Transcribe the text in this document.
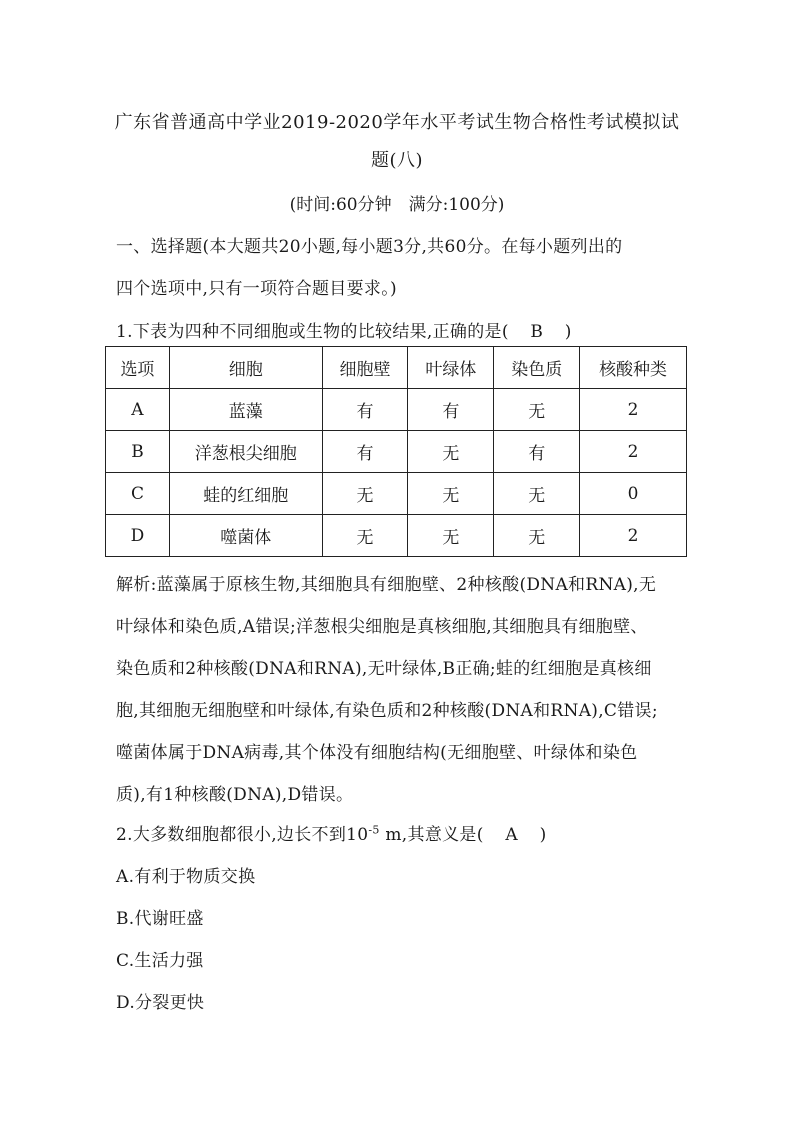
广东省普通高中学业2019-2020学年水平考试生物合格性考试模拟试
题(八)
(时间:60分钟　满分:100分)
一、选择题(本大题共20小题,每小题3分,共60分。在每小题列出的
四个选项中,只有一项符合题目要求。)
1.下表为四种不同细胞或生物的比较结果,正确的是( B )
选项	细胞	细胞壁	叶绿体	染色质	核酸种类
A	蓝藻	有	有	无	2
B	洋葱根尖细胞	有	无	有	2
C	蛙的红细胞	无	无	无	0
D	噬菌体	无	无	无	2
解析:蓝藻属于原核生物,其细胞具有细胞壁、2种核酸(DNA和RNA),无
叶绿体和染色质,A错误;洋葱根尖细胞是真核细胞,其细胞具有细胞壁、
染色质和2种核酸(DNA和RNA),无叶绿体,B正确;蛙的红细胞是真核细
胞,其细胞无细胞壁和叶绿体,有染色质和2种核酸(DNA和RNA),C错误;
噬菌体属于DNA病毒,其个体没有细胞结构(无细胞壁、叶绿体和染色
质),有1种核酸(DNA),D错误。
2.大多数细胞都很小,边长不到$10^{-5}$ m,其意义是( A )
A.有利于物质交换
B.代谢旺盛
C.生活力强
D.分裂更快
